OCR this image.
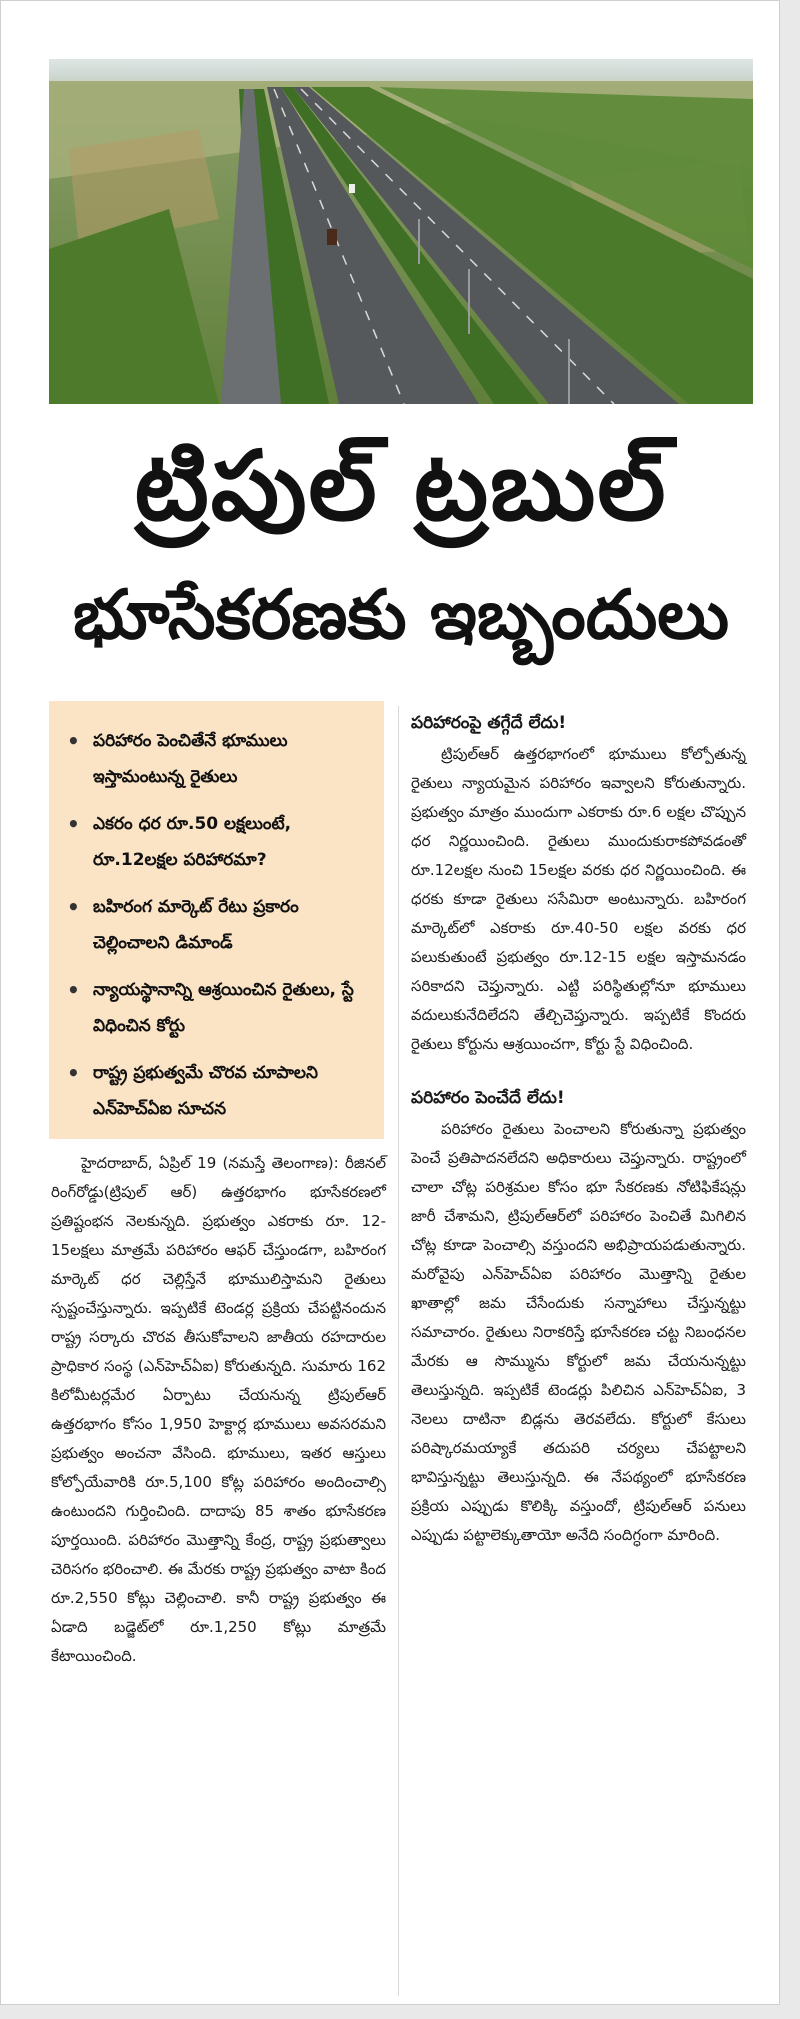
ట్రిపుల్ ట్రబుల్
భూసేకరణకు ఇబ్బందులు
• పరిహారం పెంచితేనే భూములు ఇస్తామంటున్న రైతులు
• ఎకరం ధర రూ.50 లక్షలుంటే, రూ.12లక్షల పరిహారమా?
• బహిరంగ మార్కెట్ రేటు ప్రకారం చెల్లించాలని డిమాండ్
• న్యాయస్థానాన్ని ఆశ్రయించిన రైతులు, స్టే విధించిన కోర్టు
• రాష్ట్ర ప్రభుత్వమే చొరవ చూపాలని ఎన్‌హెచ్ఏఐ సూచన

హైదరాబాద్, ఏప్రిల్ 19 (నమస్తే తెలంగాణ): రీజినల్ రింగ్‌రోడ్డు(ట్రిపుల్ ఆర్) ఉత్తరభాగం భూసేకరణలో ప్రతిష్టంభన నెలకున్నది. ప్రభుత్వం ఎకరాకు రూ. 12-15లక్షలు మాత్రమే పరిహారం ఆఫర్ చేస్తుండగా, బహిరంగ మార్కెట్ ధర చెల్లిస్తేనే భూములిస్తామని రైతులు స్పష్టంచేస్తున్నారు. ఇప్పటికే టెండర్ల ప్రక్రియ చేపట్టినందున రాష్ట్ర సర్కారు చొరవ తీసుకోవాలని జాతీయ రహదారుల ప్రాధికార సంస్థ (ఎన్‌హెచ్ఏఐ) కోరుతున్నది. సుమారు 162 కిలోమీటర్లమేర ఏర్పాటు చేయనున్న ట్రిపుల్‌ఆర్ ఉత్తరభాగం కోసం 1,950 హెక్టార్ల భూములు అవసరమని ప్రభుత్వం అంచనా వేసింది. భూములు, ఇతర ఆస్తులు కోల్పోయేవారికి రూ.5,100 కోట్ల పరిహారం అందించాల్సి ఉంటుందని గుర్తించింది. దాదాపు 85 శాతం భూసేకరణ పూర్తయింది. పరిహారం మొత్తాన్ని కేంద్ర, రాష్ట్ర ప్రభుత్వాలు చెరిసగం భరించాలి. ఈ మేరకు రాష్ట్ర ప్రభుత్వం వాటా కింద రూ.2,550 కోట్లు చెల్లించాలి. కానీ రాష్ట్ర ప్రభుత్వం ఈ ఏడాది బడ్జెట్‌లో రూ.1,250 కోట్లు మాత్రమే కేటాయించింది.

పరిహారంపై తగ్గేదే లేదు!

ట్రిపుల్‌ఆర్ ఉత్తరభాగంలో భూములు కోల్పోతున్న రైతులు న్యాయమైన పరిహారం ఇవ్వాలని కోరుతున్నారు. ప్రభుత్వం మాత్రం ముందుగా ఎకరాకు రూ.6 లక్షల చొప్పున ధర నిర్ణయించింది. రైతులు ముందుకురాకపోవడంతో రూ.12లక్షల నుంచి 15లక్షల వరకు ధర నిర్ణయించింది. ఈ ధరకు కూడా రైతులు ససేమిరా అంటున్నారు. బహిరంగ మార్కెట్‌లో ఎకరాకు రూ.40-50 లక్షల వరకు ధర పలుకుతుంటే ప్రభుత్వం రూ.12-15 లక్షల ఇస్తామనడం సరికాదని చెప్తున్నారు. ఎట్టి పరిస్థితుల్లోనూ భూములు వదులుకునేదిలేదని తేల్చిచెప్తున్నారు. ఇప్పటికే కొందరు రైతులు కోర్టును ఆశ్రయించగా, కోర్టు స్టే విధించింది.

పరిహారం పెంచేదే లేదు!

పరిహారం రైతులు పెంచాలని కోరుతున్నా ప్రభుత్వం పెంచే ప్రతిపాదనలేదని అధికారులు చెప్తున్నారు. రాష్ట్రంలో చాలా చోట్ల పరిశ్రమల కోసం భూ సేకరణకు నోటిఫికేషన్లు జారీ చేశామని, ట్రిపుల్‌ఆర్‌లో పరిహారం పెంచితే మిగిలిన చోట్ల కూడా పెంచాల్సి వస్తుందని అభిప్రాయపడుతున్నారు. మరోవైపు ఎన్‌హెచ్ఏఐ పరిహారం మొత్తాన్ని రైతుల ఖాతాల్లో జమ చేసేందుకు సన్నాహాలు చేస్తున్నట్టు సమాచారం. రైతులు నిరాకరిస్తే భూసేకరణ చట్ట నిబంధనల మేరకు ఆ సొమ్మును కోర్టులో జమ చేయనున్నట్టు తెలుస్తున్నది. ఇప్పటికే టెండర్లు పిలిచిన ఎన్‌హెచ్ఏఐ, 3 నెలలు దాటినా బిడ్లను తెరవలేదు. కోర్టులో కేసులు పరిష్కారమయ్యాకే తదుపరి చర్యలు చేపట్టాలని భావిస్తున్నట్టు తెలుస్తున్నది. ఈ నేపథ్యంలో భూసేకరణ ప్రక్రియ ఎప్పుడు కొలిక్కి వస్తుందో, ట్రిపుల్‌ఆర్ పనులు ఎప్పుడు పట్టాలెక్కుతాయో అనేది సందిగ్ధంగా మారింది.
